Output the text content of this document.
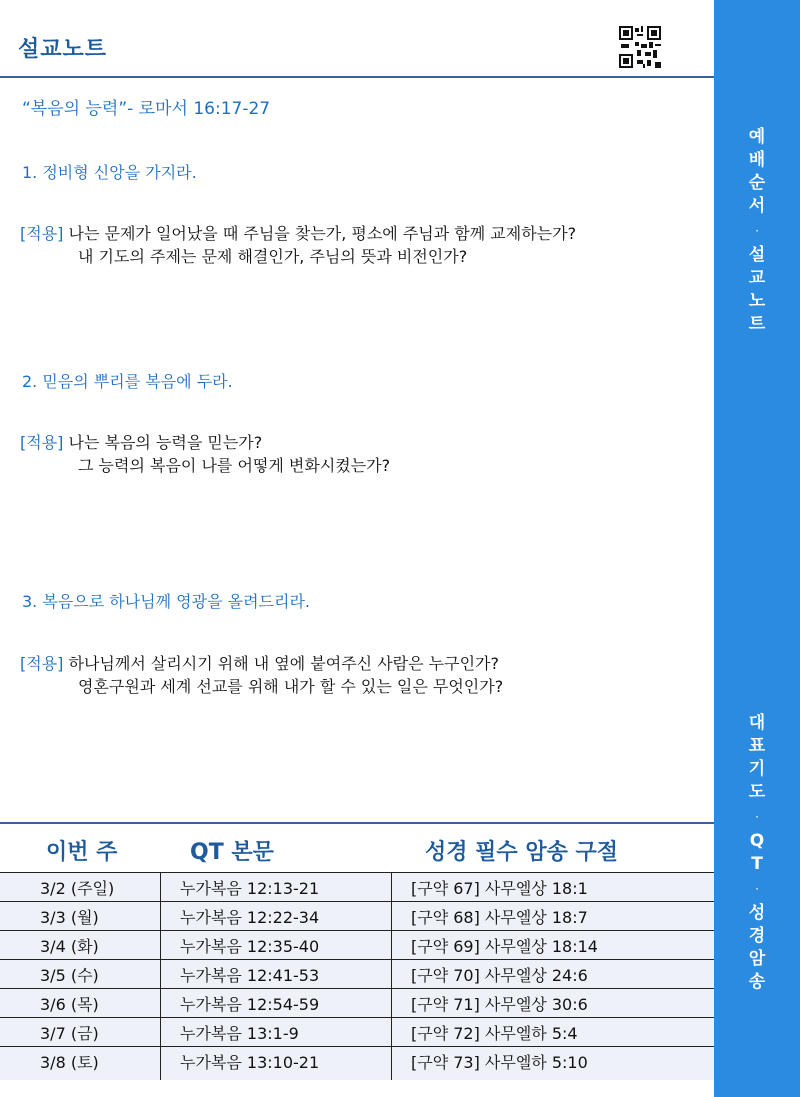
설교노트
“복음의 능력”- 로마서 16:17-27
1. 정비형 신앙을 가지라.
[적용] 나는 문제가 일어났을 때 주님을 찾는가, 평소에 주님과 함께 교제하는가?
내 기도의 주제는 문제 해결인가, 주님의 뜻과 비전인가?
2. 믿음의 뿌리를 복음에 두라.
[적용] 나는 복음의 능력을 믿는가?
그 능력의 복음이 나를 어떻게 변화시켰는가?
3. 복음으로 하나님께 영광을 올려드리라.
[적용] 하나님께서 살리시기 위해 내 옆에 붙여주신 사람은 누구인가?
영혼구원과 세계 선교를 위해 내가 할 수 있는 일은 무엇인가?
이번 주	QT 본문	성경 필수 암송 구절
3/2 (주일)	누가복음 12:13-21	[구약 67] 사무엘상 18:1
3/3 (월)	누가복음 12:22-34	[구약 68] 사무엘상 18:7
3/4 (화)	누가복음 12:35-40	[구약 69] 사무엘상 18:14
3/5 (수)	누가복음 12:41-53	[구약 70] 사무엘상 24:6
3/6 (목)	누가복음 12:54-59	[구약 71] 사무엘상 30:6
3/7 (금)	누가복음 13:1-9	[구약 72] 사무엘하 5:4
3/8 (토)	누가복음 13:10-21	[구약 73] 사무엘하 5:10
예
배
순
서
·
설
교
노
트
대
표
기
도
·
Q
T
·
성
경
암
송
